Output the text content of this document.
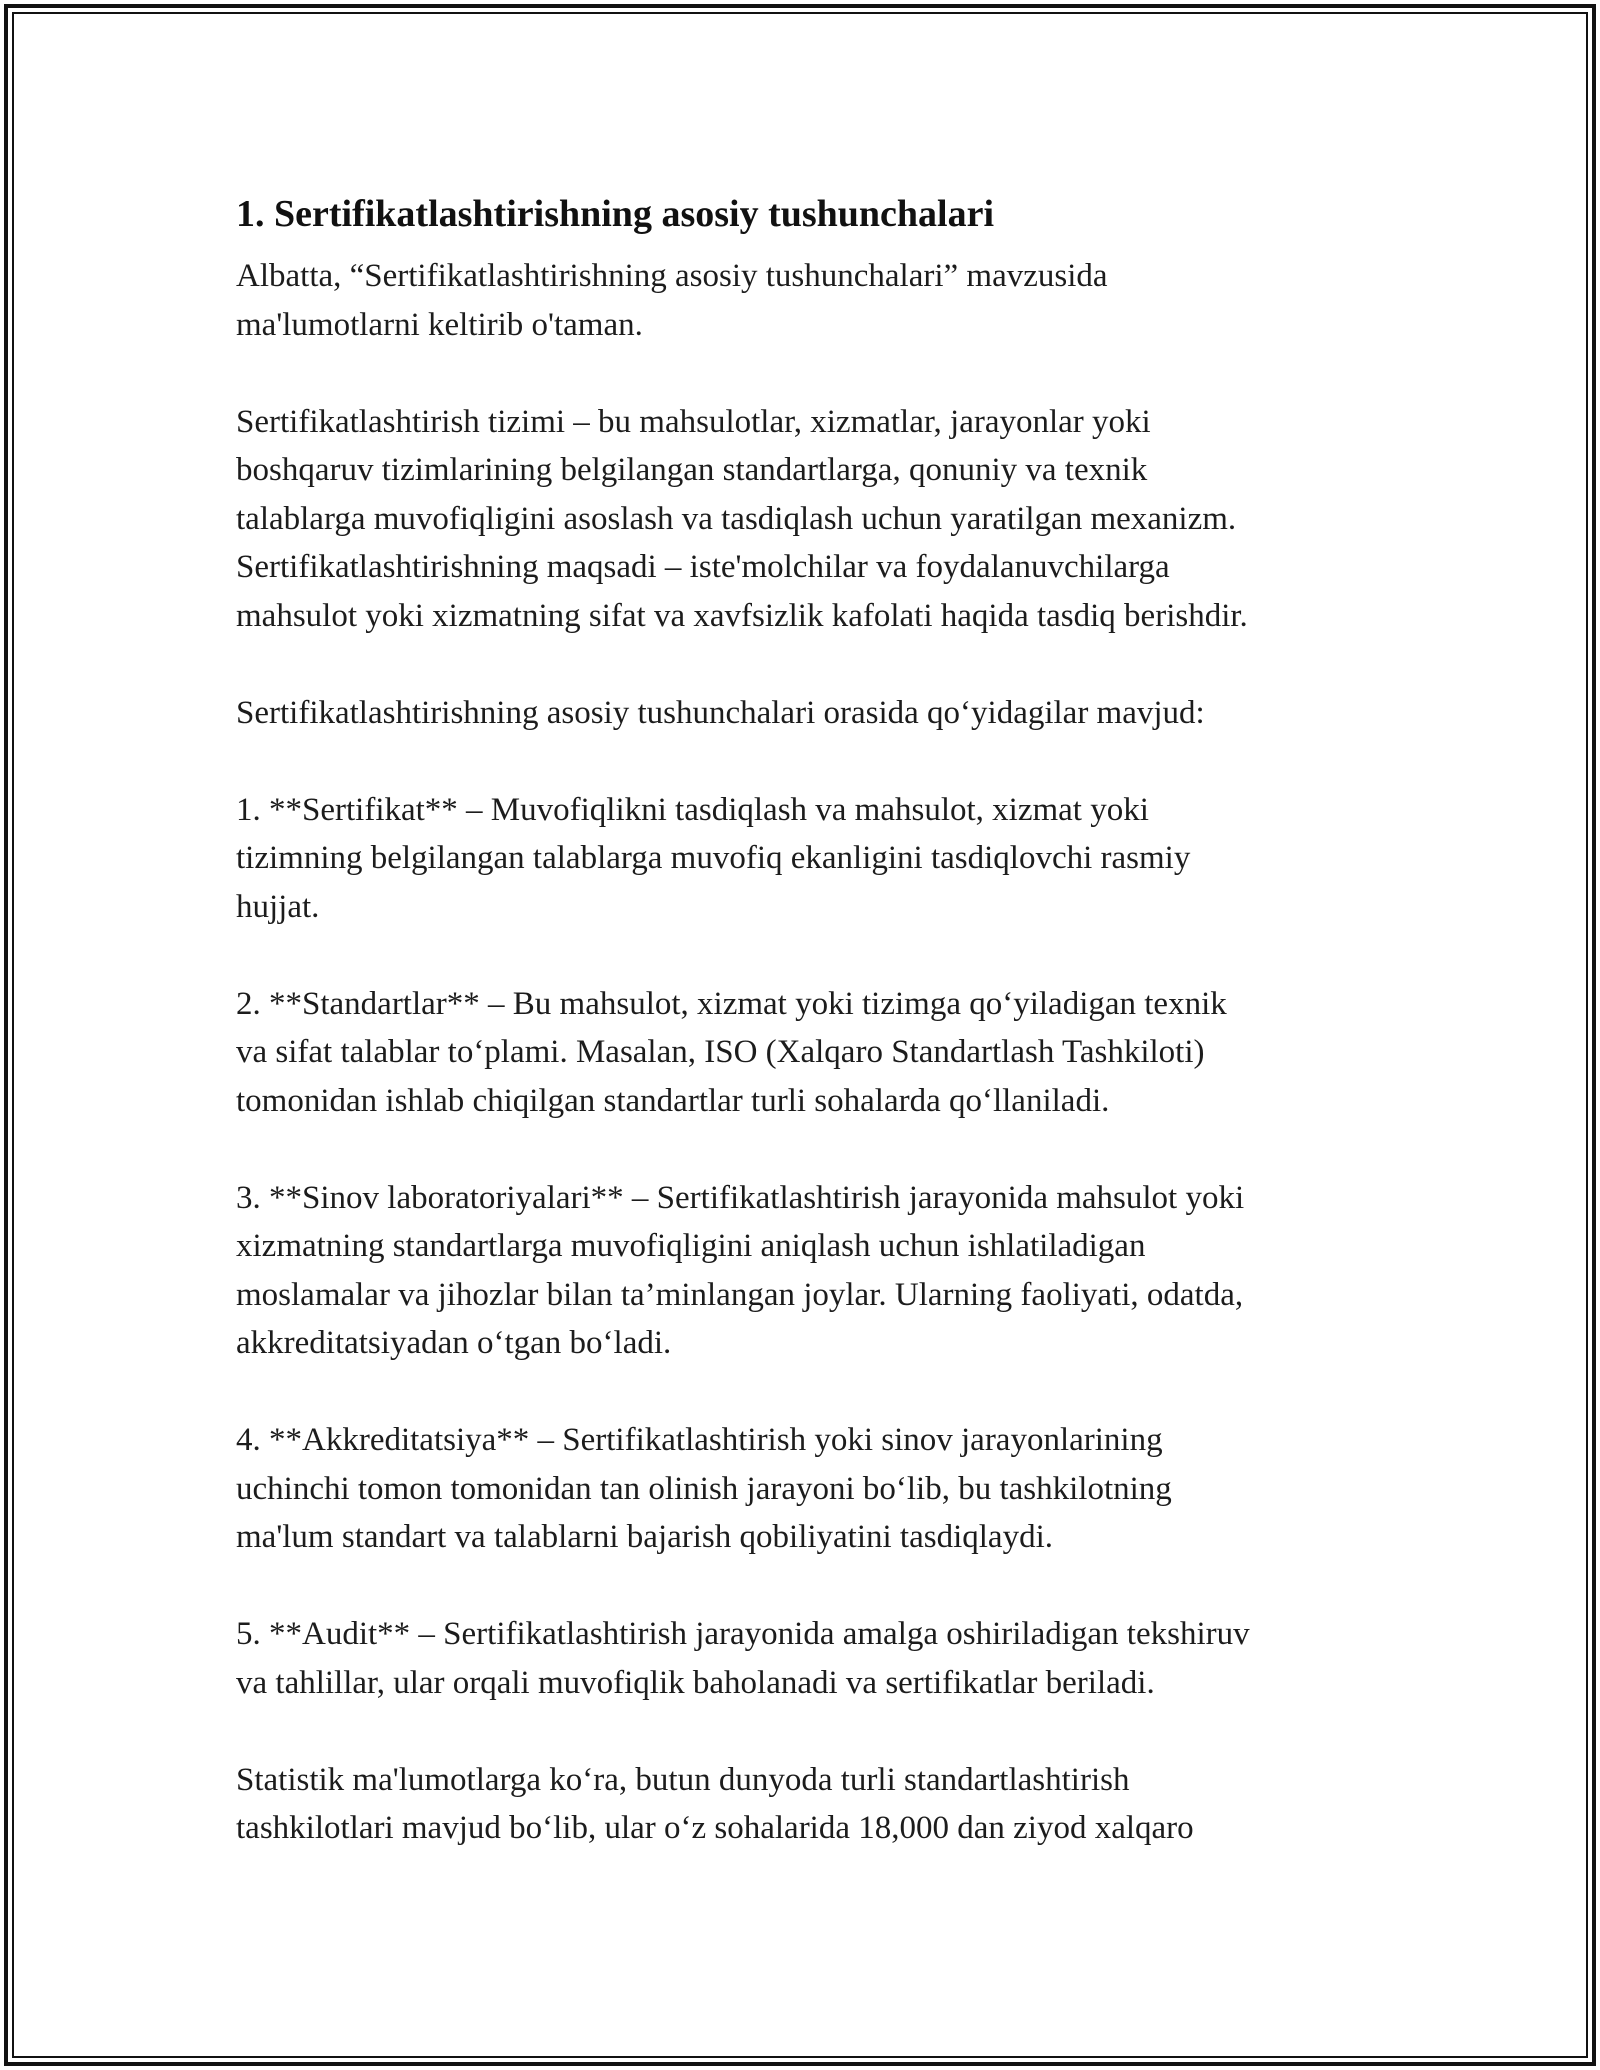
1. Sertifikatlashtirishning asosiy tushunchalari

Albatta, “Sertifikatlashtirishning asosiy tushunchalari” mavzusida
ma'lumotlarni keltirib o'taman.

Sertifikatlashtirish tizimi – bu mahsulotlar, xizmatlar, jarayonlar yoki
boshqaruv tizimlarining belgilangan standartlarga, qonuniy va texnik
talablarga muvofiqligini asoslash va tasdiqlash uchun yaratilgan mexanizm.
Sertifikatlashtirishning maqsadi – iste'molchilar va foydalanuvchilarga
mahsulot yoki xizmatning sifat va xavfsizlik kafolati haqida tasdiq berishdir.

Sertifikatlashtirishning asosiy tushunchalari orasida qoʻyidagilar mavjud:

1. **Sertifikat** – Muvofiqlikni tasdiqlash va mahsulot, xizmat yoki
tizimning belgilangan talablarga muvofiq ekanligini tasdiqlovchi rasmiy
hujjat.

2. **Standartlar** – Bu mahsulot, xizmat yoki tizimga qoʻyiladigan texnik
va sifat talablar toʻplami. Masalan, ISO (Xalqaro Standartlash Tashkiloti)
tomonidan ishlab chiqilgan standartlar turli sohalarda qoʻllaniladi.

3. **Sinov laboratoriyalari** – Sertifikatlashtirish jarayonida mahsulot yoki
xizmatning standartlarga muvofiqligini aniqlash uchun ishlatiladigan
moslamalar va jihozlar bilan ta’minlangan joylar. Ularning faoliyati, odatda,
akkreditatsiyadan oʻtgan boʻladi.

4. **Akkreditatsiya** – Sertifikatlashtirish yoki sinov jarayonlarining
uchinchi tomon tomonidan tan olinish jarayoni boʻlib, bu tashkilotning
ma'lum standart va talablarni bajarish qobiliyatini tasdiqlaydi.

5. **Audit** – Sertifikatlashtirish jarayonida amalga oshiriladigan tekshiruv
va tahlillar, ular orqali muvofiqlik baholanadi va sertifikatlar beriladi.

Statistik ma'lumotlarga koʻra, butun dunyoda turli standartlashtirish
tashkilotlari mavjud boʻlib, ular oʻz sohalarida 18,000 dan ziyod xalqaro
